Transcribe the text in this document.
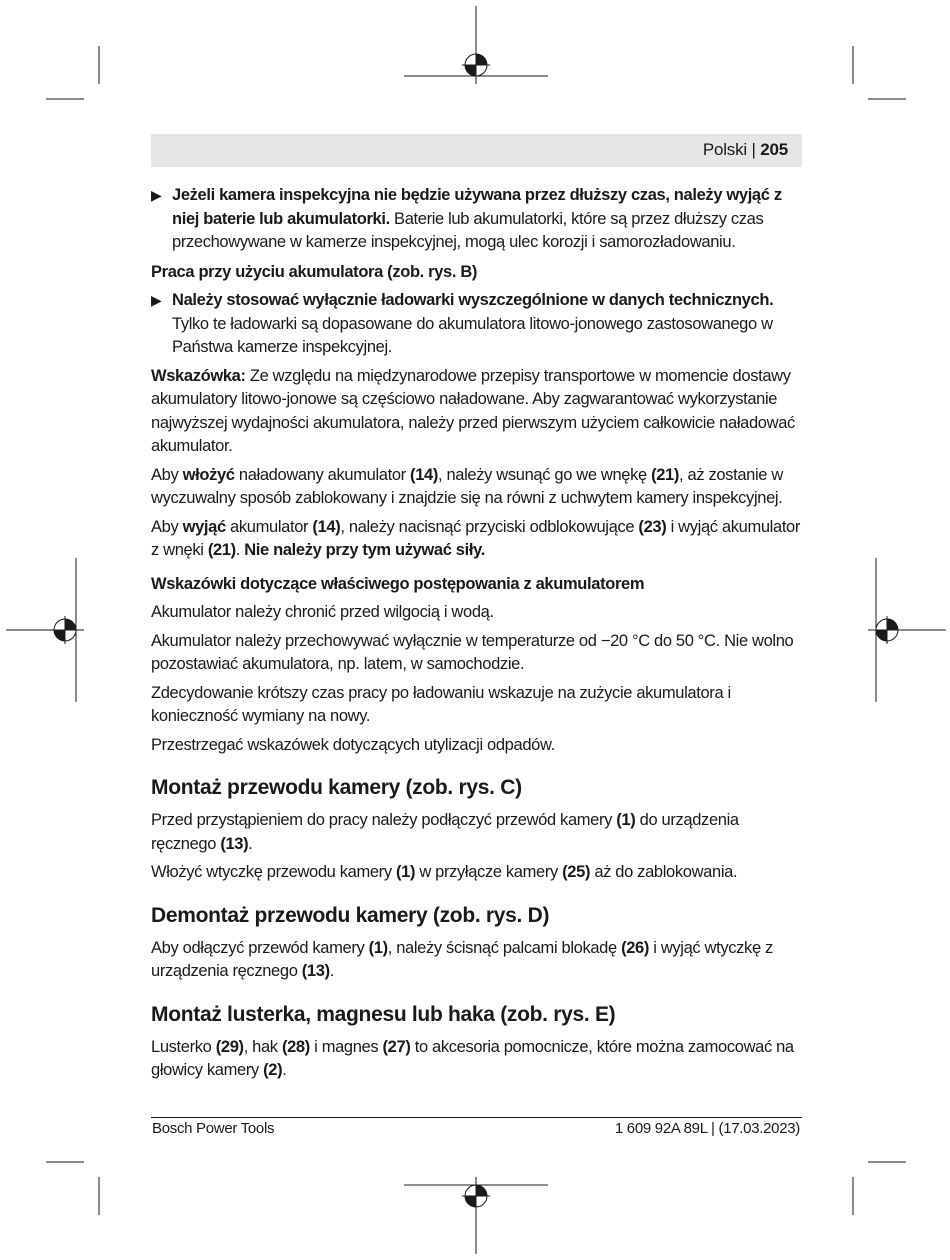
Polski | 205
▶ Jeżeli kamera inspekcyjna nie będzie używana przez dłuższy czas, należy wyjąć z niej baterie lub akumulatorki. Baterie lub akumulatorki, które są przez dłuższy czas przechowywane w kamerze inspekcyjnej, mogą ulec korozji i samorozładowaniu.
Praca przy użyciu akumulatora (zob. rys. B)
▶ Należy stosować wyłącznie ładowarki wyszczególnione w danych technicznych.
Tylko te ładowarki są dopasowane do akumulatora litowo-jonowego zastosowanego w Państwa kamerze inspekcyjnej.

Wskazówka: Ze względu na międzynarodowe przepisy transportowe w momencie dostawy akumulatory litowo-jonowe są częściowo naładowane. Aby zagwarantować wykorzystanie najwyższej wydajności akumulatora, należy przed pierwszym użyciem całkowicie naładować akumulator.

Aby włożyć naładowany akumulator (14), należy wsunąć go we wnękę (21), aż zostanie w wyczuwalny sposób zablokowany i znajdzie się na równi z uchwytem kamery inspekcyjnej.

Aby wyjąć akumulator (14), należy nacisnąć przyciski odblokowujące (23) i wyjąć akumulator z wnęki (21). Nie należy przy tym używać siły.

Wskazówki dotyczące właściwego postępowania z akumulatorem

Akumulator należy chronić przed wilgocią i wodą.

Akumulator należy przechowywać wyłącznie w temperaturze od −20 °C do 50 °C. Nie wolno pozostawiać akumulatora, np. latem, w samochodzie.

Zdecydowanie krótszy czas pracy po ładowaniu wskazuje na zużycie akumulatora i konieczność wymiany na nowy.

Przestrzegać wskazówek dotyczących utylizacji odpadów.

Montaż przewodu kamery (zob. rys. C)

Przed przystąpieniem do pracy należy podłączyć przewód kamery (1) do urządzenia ręcznego (13).

Włożyć wtyczkę przewodu kamery (1) w przyłącze kamery (25) aż do zablokowania.

Demontaż przewodu kamery (zob. rys. D)

Aby odłączyć przewód kamery (1), należy ścisnąć palcami blokadę (26) i wyjąć wtyczkę z urządzenia ręcznego (13).

Montaż lusterka, magnesu lub haka (zob. rys. E)

Lusterko (29), hak (28) i magnes (27) to akcesoria pomocnicze, które można zamocować na głowicy kamery (2).

Bosch Power Tools	1 609 92A 89L | (17.03.2023)
